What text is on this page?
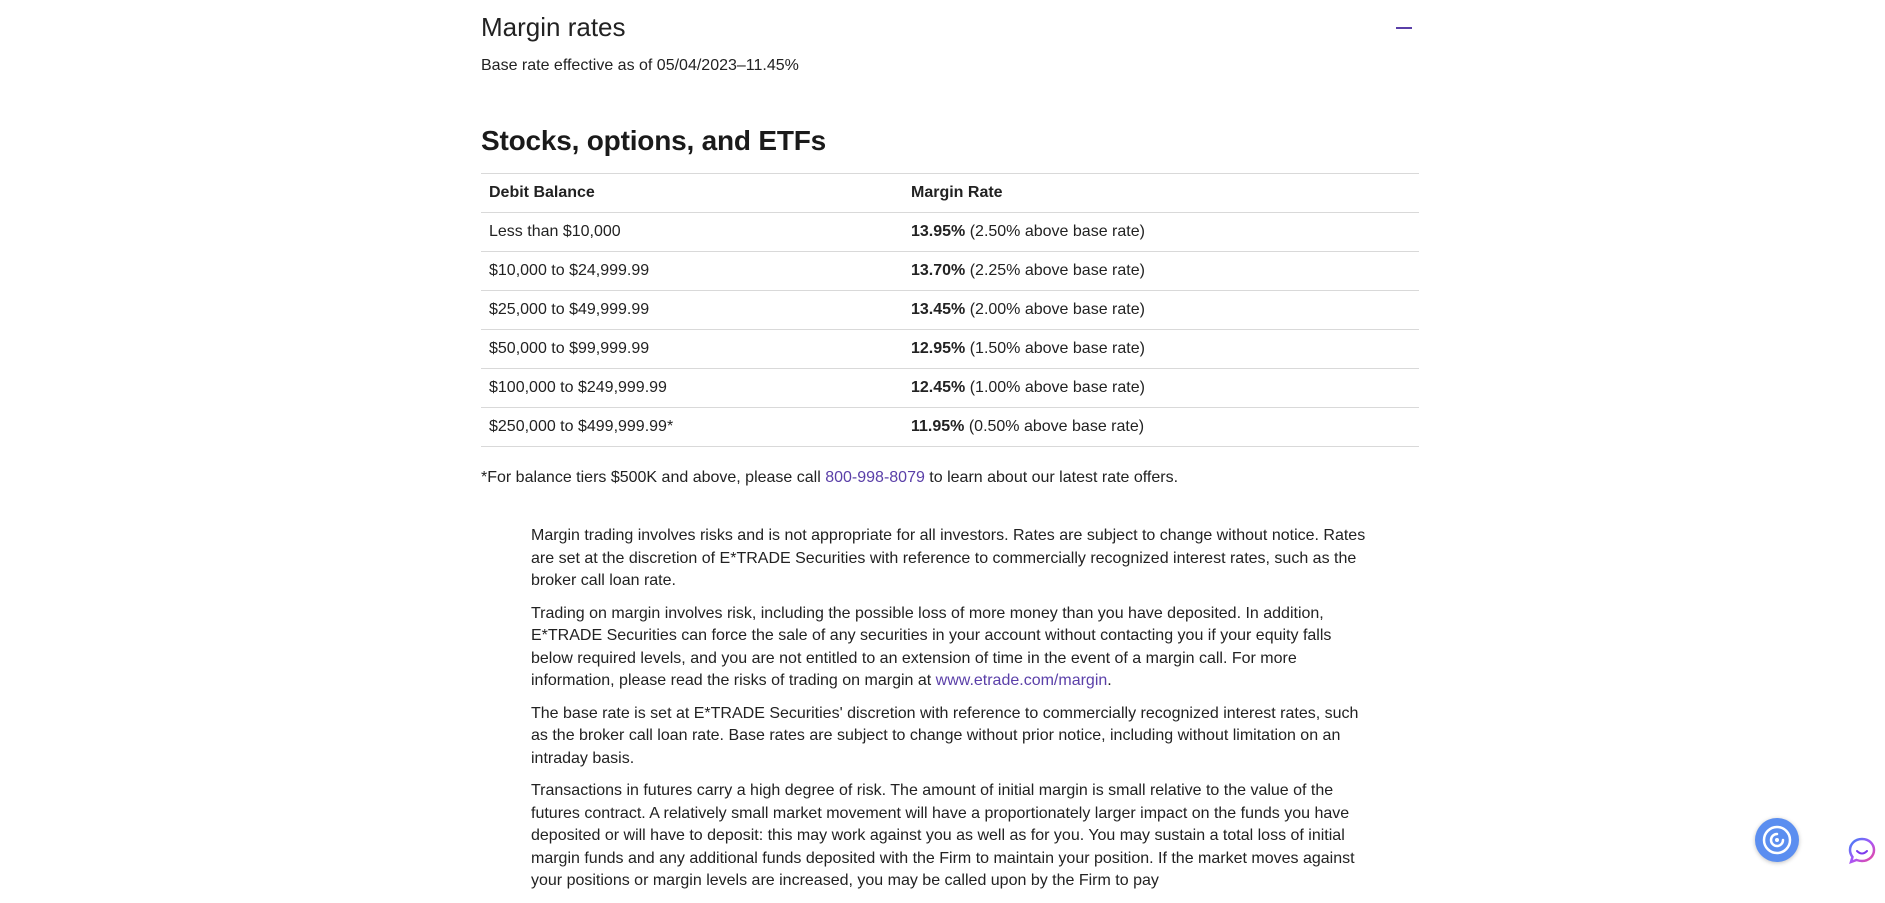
Margin rates

Base rate effective as of 05/04/2023–11.45%

Stocks, options, and ETFs
Debit Balance	Margin Rate
Less than $10,000	13.95% (2.50% above base rate)
$10,000 to $24,999.99	13.70% (2.25% above base rate)
$25,000 to $49,999.99	13.45% (2.00% above base rate)
$50,000 to $99,999.99	12.95% (1.50% above base rate)
$100,000 to $249,999.99	12.45% (1.00% above base rate)
$250,000 to $499,999.99*	11.95% (0.50% above base rate)

*For balance tiers $500K and above, please call 800-998-8079 to learn about our latest rate offers.

Margin trading involves risks and is not appropriate for all investors. Rates are subject to change without notice. Rates are set at the discretion of E*TRADE Securities with reference to commercially recognized interest rates, such as the broker call loan rate.

Trading on margin involves risk, including the possible loss of more money than you have deposited. In addition, E*TRADE Securities can force the sale of any securities in your account without contacting you if your equity falls below required levels, and you are not entitled to an extension of time in the event of a margin call. For more information, please read the risks of trading on margin at www.etrade.com/margin.

The base rate is set at E*TRADE Securities' discretion with reference to commercially recognized interest rates, such as the broker call loan rate. Base rates are subject to change without prior notice, including without limitation on an intraday basis.

Transactions in futures carry a high degree of risk. The amount of initial margin is small relative to the value of the futures contract. A relatively small market movement will have a proportionately larger impact on the funds you have deposited or will have to deposit: this may work against you as well as for you. You may sustain a total loss of initial margin funds and any additional funds deposited with the Firm to maintain your position. If the market moves against your positions or margin levels are increased, you may be called upon by the Firm to pay
